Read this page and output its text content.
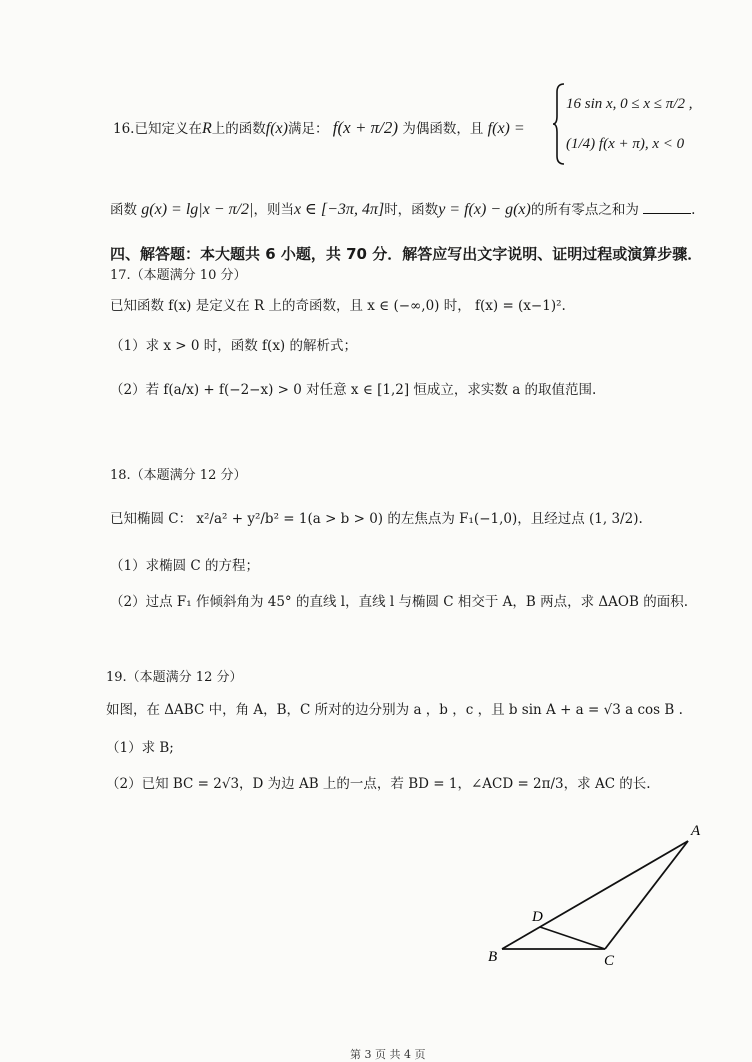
16.已知定义在R上的函数f(x)满足： f(x + π/2) 为偶函数，且 f(x) =
16 sin x, 0 ≤ x ≤ π/2 ,
(1/4) f(x + π), x < 0
函数 g(x) = lg|x − π/2|，则当x ∈ [−3π, 4π]时，函数y = f(x) − g(x)的所有零点之和为	.
四、解答题：本大题共 6 小题，共 70 分．解答应写出文字说明、证明过程或演算步骤．
17.（本题满分 10 分）
已知函数 f(x) 是定义在 R 上的奇函数，且 x ∈ (−∞,0) 时， f(x) = (x−1)².
（1）求 x > 0 时，函数 f(x) 的解析式；
（2）若 f(a/x) + f(−2−x) > 0 对任意 x ∈ [1,2] 恒成立，求实数 a 的取值范围.
18.（本题满分 12 分）
已知椭圆 C： x²/a² + y²/b² = 1(a > b > 0) 的左焦点为 F₁(−1,0)，且经过点 (1, 3/2).
（1）求椭圆 C 的方程；
（2）过点 F₁ 作倾斜角为 45° 的直线 l，直线 l 与椭圆 C 相交于 A，B 两点，求 ΔAOB 的面积.
19.（本题满分 12 分）
如图，在 ΔABC 中，角 A，B，C 所对的边分别为 a ，b ，c ，且 b sin A + a = √3 a cos B .
（1）求 B;
（2）已知 BC = 2√3，D 为边 AB 上的一点，若 BD = 1，∠ACD = 2π/3，求 AC 的长.
A
B	C
D
第 3 页 共 4 页
